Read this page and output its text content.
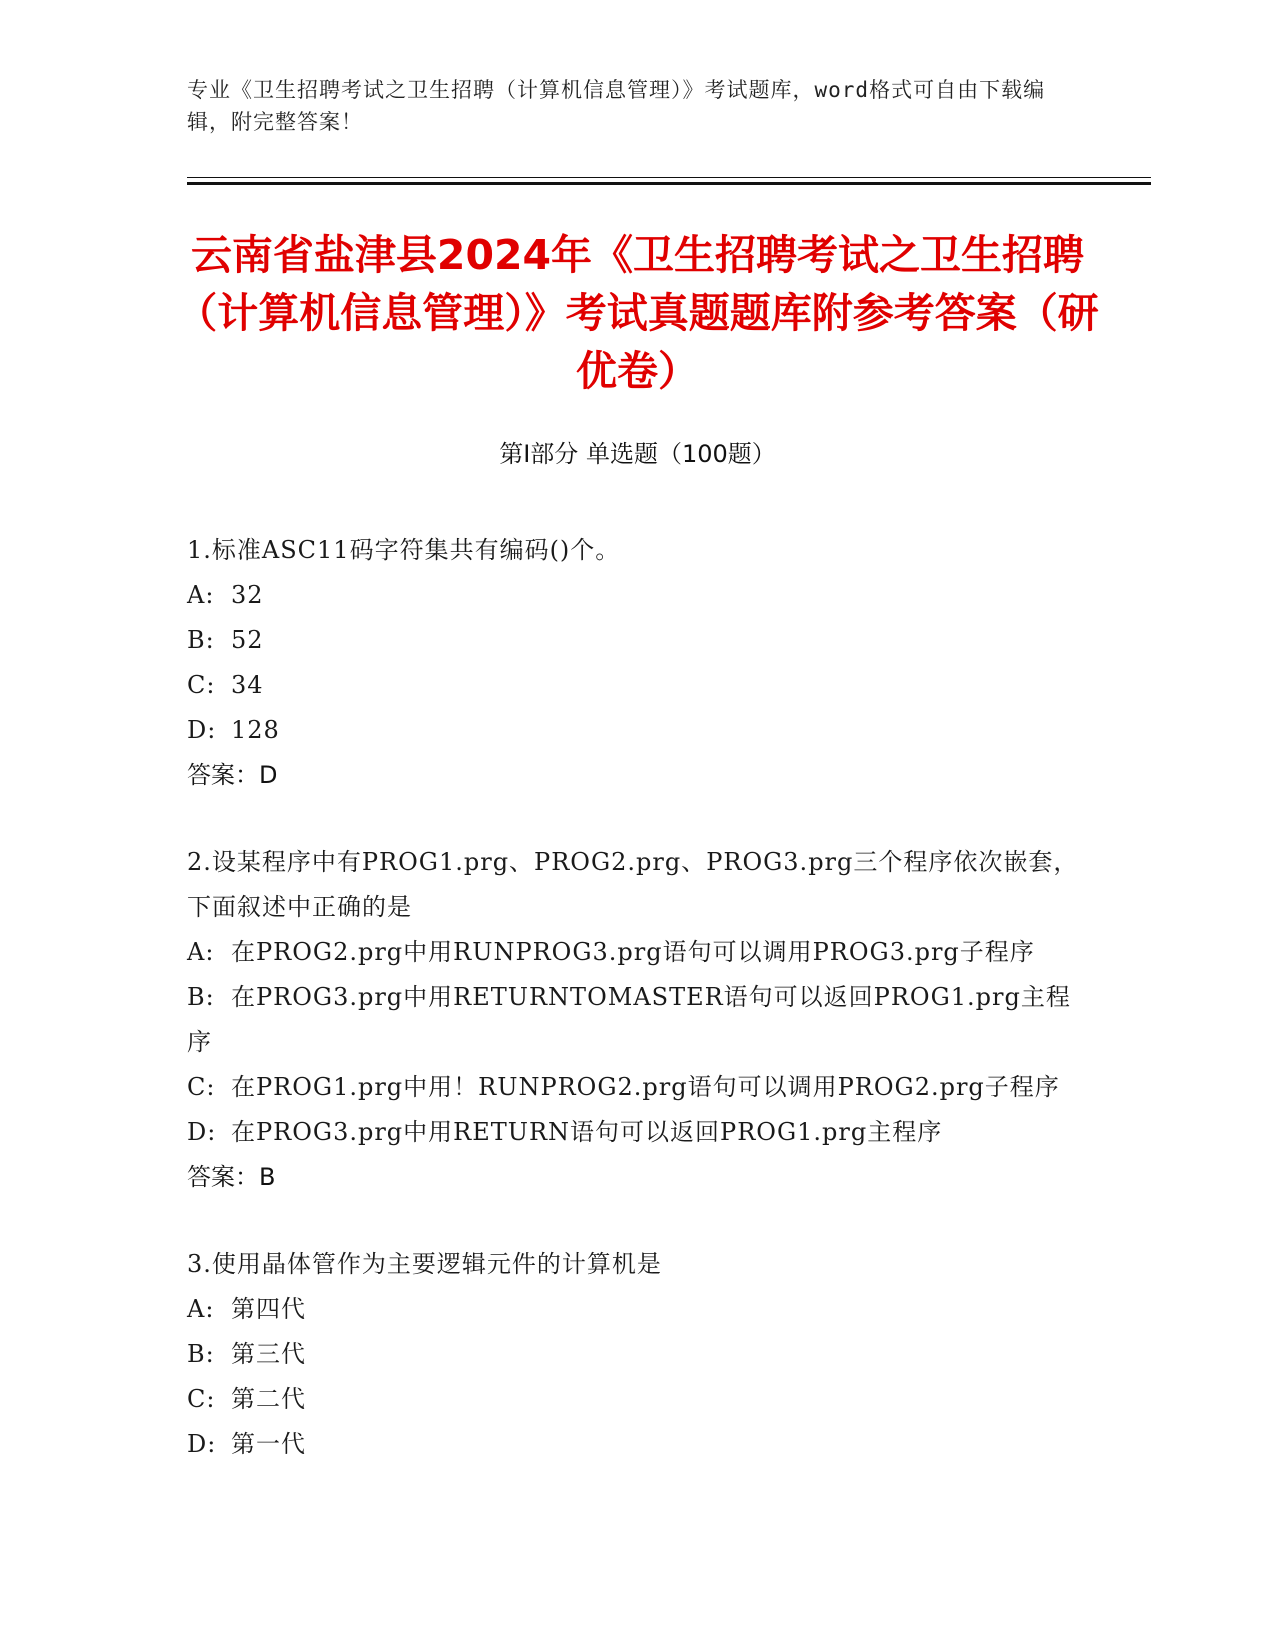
专业《卫生招聘考试之卫生招聘（计算机信息管理）》考试题库，word格式可自由下载编辑，附完整答案！
云南省盐津县2024年《卫生招聘考试之卫生招聘（计算机信息管理）》考试真题题库附参考答案（研优卷）
第I部分 单选题（100题）
1.标准ASC11码字符集共有编码()个。
A: 32
B: 52
C: 34
D: 128
答案：D
2.设某程序中有PROG1.prg、PROG2.prg、PROG3.prg三个程序依次嵌套，下面叙述中正确的是
A: 在PROG2.prg中用RUNPROG3.prg语句可以调用PROG3.prg子程序
B: 在PROG3.prg中用RETURNTOMASTER语句可以返回PROG1.prg主程序
C: 在PROG1.prg中用！RUNPROG2.prg语句可以调用PROG2.prg子程序
D: 在PROG3.prg中用RETURN语句可以返回PROG1.prg主程序
答案：B
3.使用晶体管作为主要逻辑元件的计算机是
A: 第四代
B: 第三代
C: 第二代
D: 第一代
